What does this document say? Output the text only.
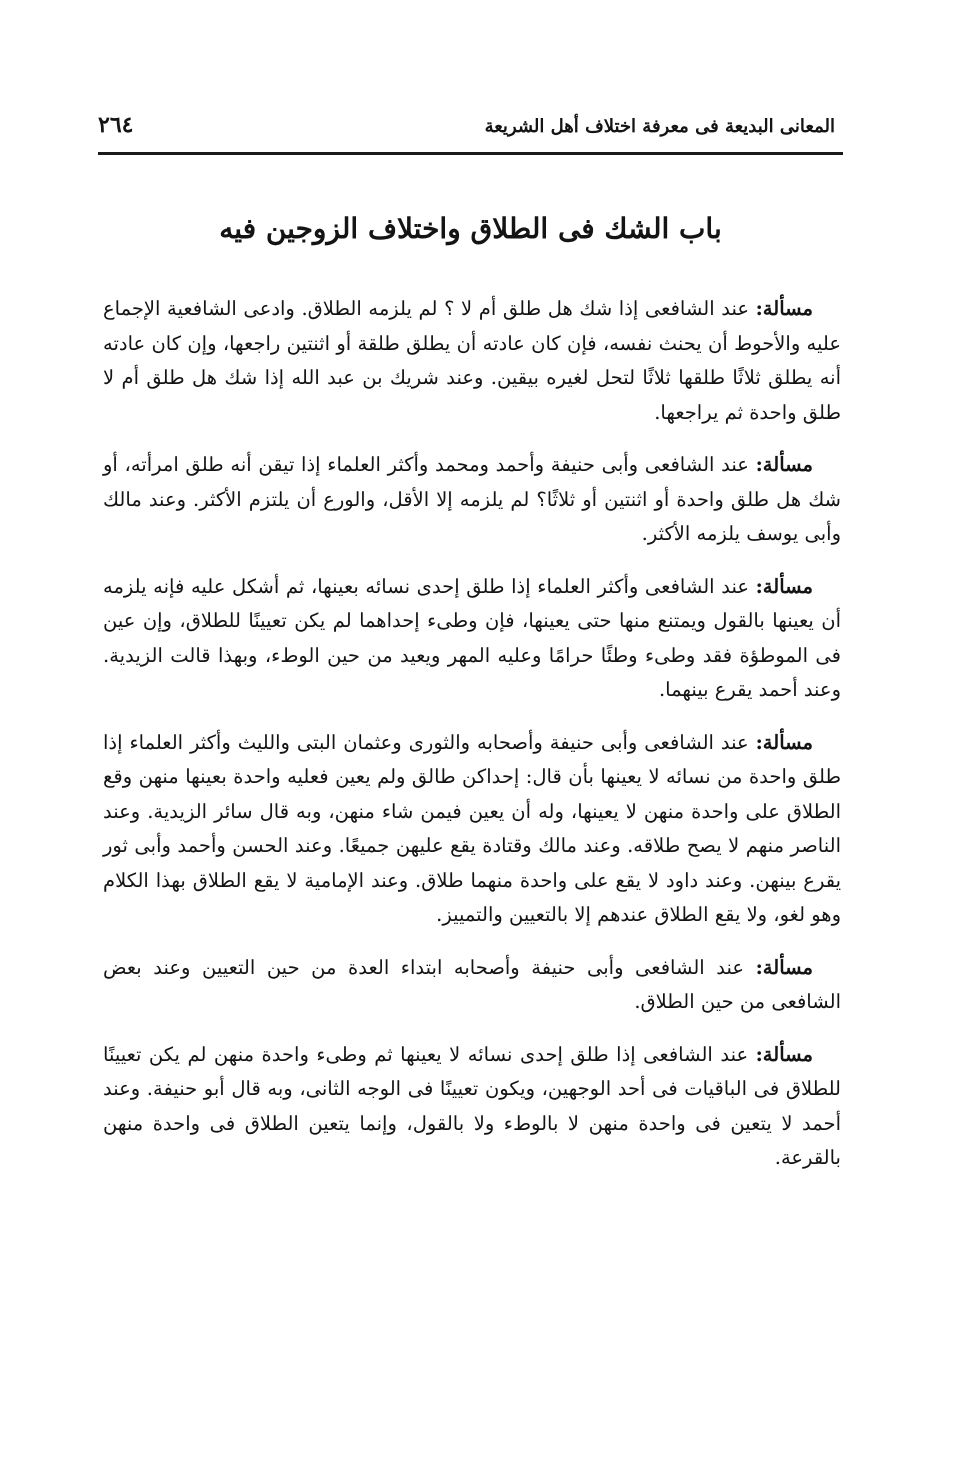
المعانى البديعة فى معرفة اختلاف أهل الشريعة
٢٦٤
باب الشك فى الطلاق واختلاف الزوجين فيه

مسألة: عند الشافعى إذا شك هل طلق أم لا ؟ لم يلزمه الطلاق. وادعى الشافعية الإجماع عليه والأحوط أن يحنث نفسه، فإن كان عادته أن يطلق طلقة أو اثنتين راجعها، وإن كان عادته أنه يطلق ثلاثًا طلقها ثلاثًا لتحل لغيره بيقين. وعند شريك بن عبد الله إذا شك هل طلق أم لا طلق واحدة ثم يراجعها.

مسألة: عند الشافعى وأبى حنيفة وأحمد ومحمد وأكثر العلماء إذا تيقن أنه طلق امرأته، أو شك هل طلق واحدة أو اثنتين أو ثلاثًا؟ لم يلزمه إلا الأقل، والورع أن يلتزم الأكثر. وعند مالك وأبى يوسف يلزمه الأكثر.

مسألة: عند الشافعى وأكثر العلماء إذا طلق إحدى نسائه بعينها، ثم أشكل عليه فإنه يلزمه أن يعينها بالقول ويمتنع منها حتى يعينها، فإن وطىء إحداهما لم يكن تعيينًا للطلاق، وإن عين فى الموطؤة فقد وطىء وطئًا حرامًا وعليه المهر ويعيد من حين الوطء، وبهذا قالت الزيدية. وعند أحمد يقرع بينهما.

مسألة: عند الشافعى وأبى حنيفة وأصحابه والثورى وعثمان البتى والليث وأكثر العلماء إذا طلق واحدة من نسائه لا يعينها بأن قال: إحداكن طالق ولم يعين فعليه واحدة بعينها منهن وقع الطلاق على واحدة منهن لا يعينها، وله أن يعين فيمن شاء منهن، وبه قال سائر الزيدية. وعند الناصر منهم لا يصح طلاقه. وعند مالك وقتادة يقع عليهن جميعًا. وعند الحسن وأحمد وأبى ثور يقرع بينهن. وعند داود لا يقع على واحدة منهما طلاق. وعند الإمامية لا يقع الطلاق بهذا الكلام وهو لغو، ولا يقع الطلاق عندهم إلا بالتعيين والتمييز.

مسألة: عند الشافعى وأبى حنيفة وأصحابه ابتداء العدة من حين التعيين وعند بعض الشافعى من حين الطلاق.

مسألة: عند الشافعى إذا طلق إحدى نسائه لا يعينها ثم وطىء واحدة منهن لم يكن تعيينًا للطلاق فى الباقيات فى أحد الوجهين، ويكون تعيينًا فى الوجه الثانى، وبه قال أبو حنيفة. وعند أحمد لا يتعين فى واحدة منهن لا بالوطء ولا بالقول، وإنما يتعين الطلاق فى واحدة منهن بالقرعة.
